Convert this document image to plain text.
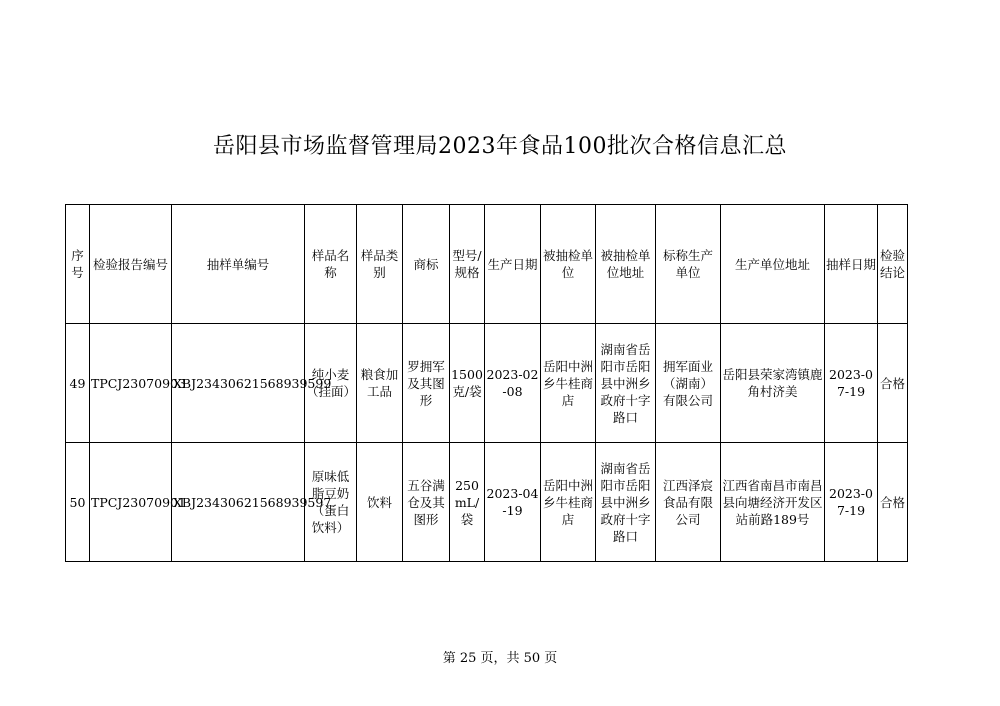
岳阳县市场监督管理局2023年食品100批次合格信息汇总
序号	检验报告编号	抽样单编号	样品名称	样品类别	商标	型号/规格	生产日期	被抽检单位	被抽检单位地址	标称生产单位	生产单位地址	抽样日期	检验结论
49	TPCJ23070903	XBJ23430621568939599	纯小麦（挂面）	粮食加工品	罗拥军及其图形	1500克/袋	2023-02-08	岳阳中洲乡牛桂商店	湖南省岳阳市岳阳县中洲乡政府十字路口	拥军面业（湖南）有限公司	岳阳县荣家湾镇鹿角村济美	2023-07-19	合格
50	TPCJ23070901	XBJ23430621568939597	原味低脂豆奶（蛋白饮料）	饮料	五谷满仓及其图形	250mL/袋	2023-04-19	岳阳中洲乡牛桂商店	湖南省岳阳市岳阳县中洲乡政府十字路口	江西泽宸食品有限公司	江西省南昌市南昌县向塘经济开发区站前路189号	2023-07-19	合格
第 25 页，共 50 页
